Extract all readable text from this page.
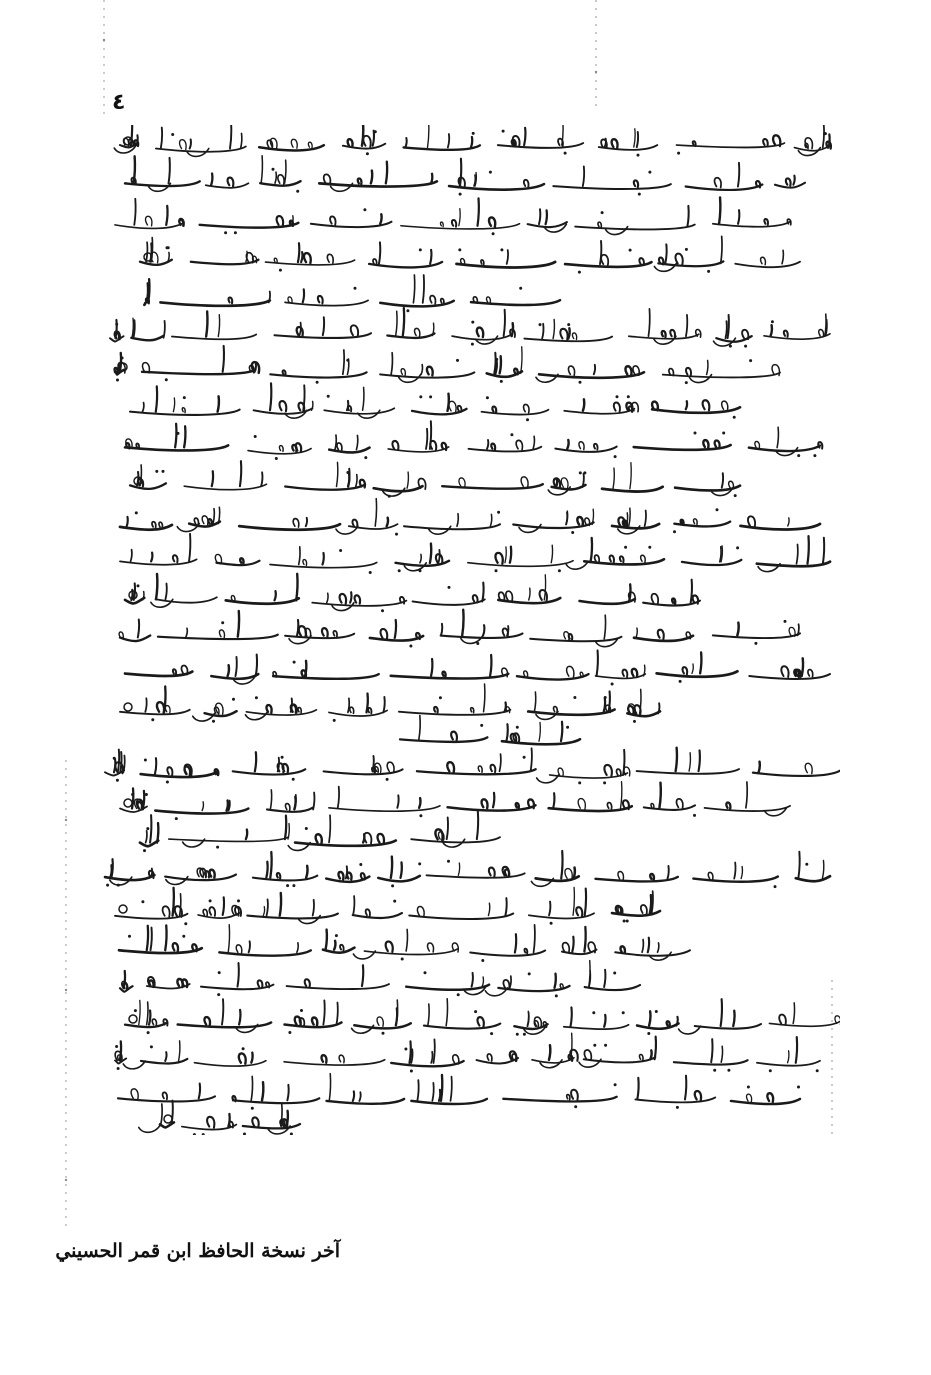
٤
آخر نسخة الحافظ ابن قمر الحسيني
